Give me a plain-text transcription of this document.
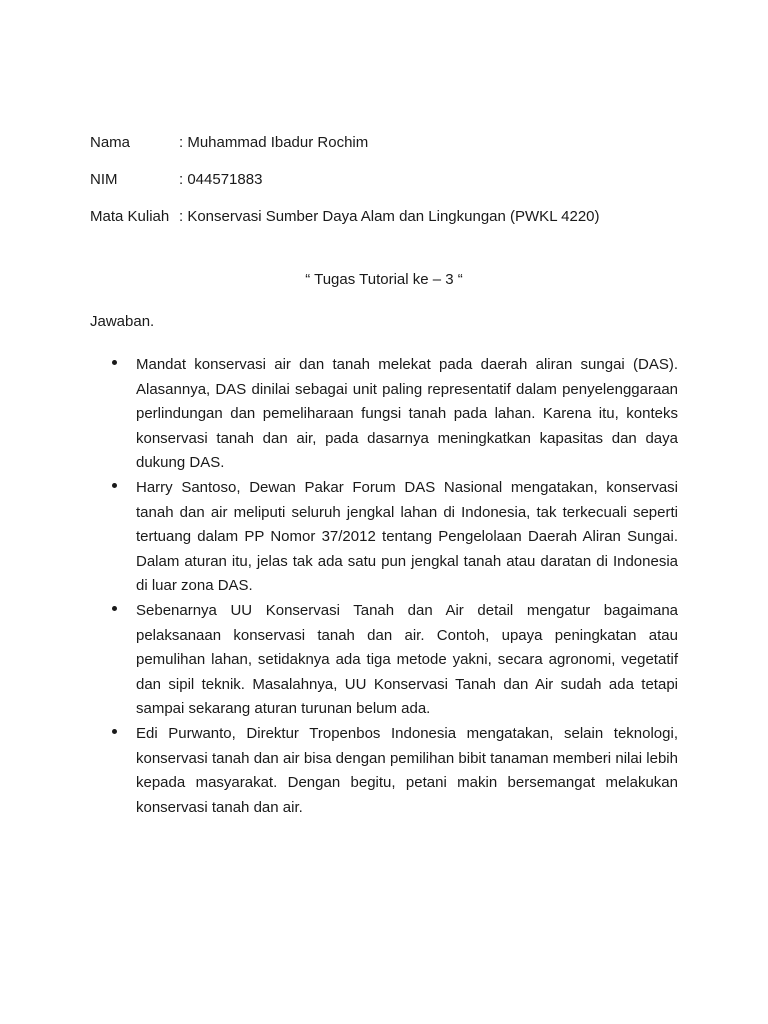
Nama	: Muhammad Ibadur Rochim
NIM	: 044571883
Mata Kuliah : Konservasi Sumber Daya Alam dan Lingkungan (PWKL 4220)
“ Tugas Tutorial ke – 3 “
Jawaban.
Mandat konservasi air dan tanah melekat pada daerah aliran sungai (DAS). Alasannya, DAS dinilai sebagai unit paling representatif dalam penyelenggaraan perlindungan dan pemeliharaan fungsi tanah pada lahan. Karena itu, konteks konservasi tanah dan air, pada dasarnya meningkatkan kapasitas dan daya dukung DAS.
Harry Santoso, Dewan Pakar Forum DAS Nasional mengatakan, konservasi tanah dan air meliputi seluruh jengkal lahan di Indonesia, tak terkecuali seperti tertuang dalam PP Nomor 37/2012 tentang Pengelolaan Daerah Aliran Sungai. Dalam aturan itu, jelas tak ada satu pun jengkal tanah atau daratan di Indonesia di luar zona DAS.
Sebenarnya UU Konservasi Tanah dan Air detail mengatur bagaimana pelaksanaan konservasi tanah dan air. Contoh, upaya peningkatan atau pemulihan lahan, setidaknya ada tiga metode yakni, secara agronomi, vegetatif dan sipil teknik. Masalahnya, UU Konservasi Tanah dan Air sudah ada tetapi sampai sekarang aturan turunan belum ada.
Edi Purwanto, Direktur Tropenbos Indonesia mengatakan, selain teknologi, konservasi tanah dan air bisa dengan pemilihan bibit tanaman memberi nilai lebih kepada masyarakat. Dengan begitu, petani makin bersemangat melakukan konservasi tanah dan air.
